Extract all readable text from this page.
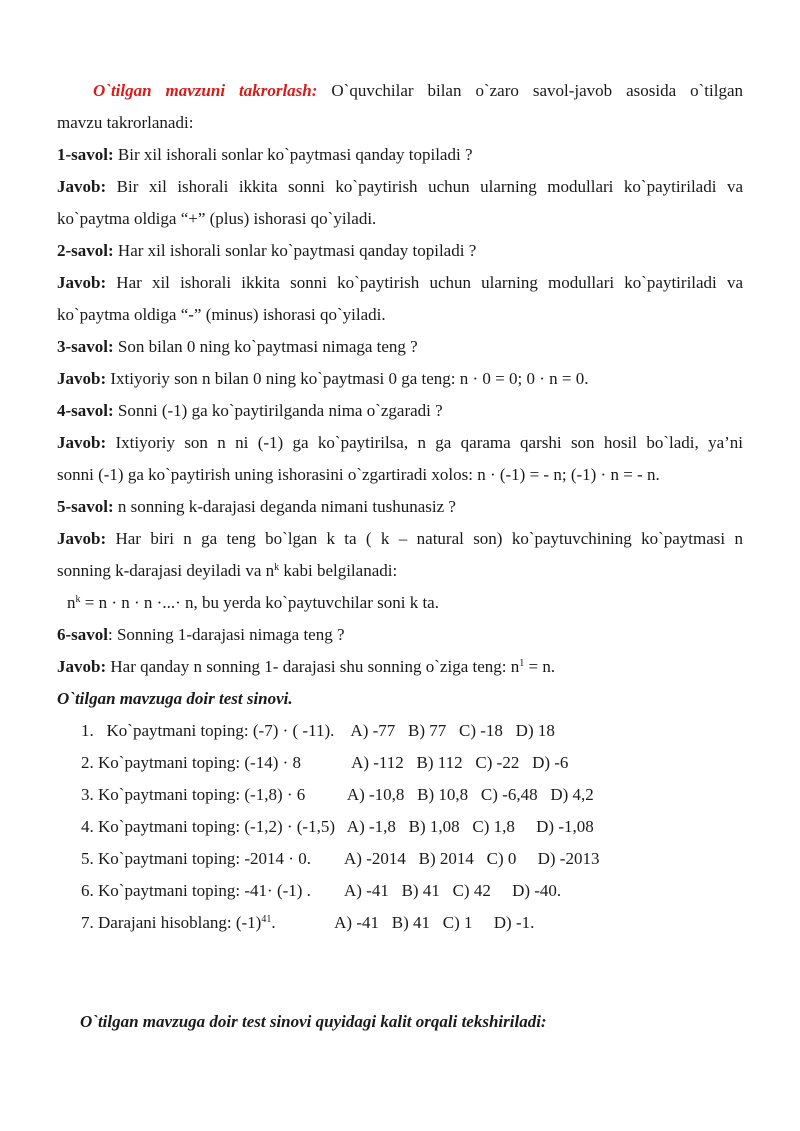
O`tilgan mavzuni takrorlash: O`quvchilar bilan o`zaro savol-javob asosida o`tilgan

mavzu takrorlanadi:

1-savol: Bir xil ishorali sonlar ko`paytmasi qanday topiladi ?

Javob: Bir xil ishorali ikkita sonni ko`paytirish uchun ularning modullari ko`paytiriladi va

ko`paytma oldiga “+” (plus) ishorasi qo`yiladi.

2-savol: Har xil ishorali sonlar ko`paytmasi qanday topiladi ?

Javob: Har xil ishorali ikkita sonni ko`paytirish uchun ularning modullari ko`paytiriladi va

ko`paytma oldiga “-” (minus) ishorasi qo`yiladi.

3-savol: Son bilan 0 ning ko`paytmasi nimaga teng ?

Javob: Ixtiyoriy son n bilan 0 ning ko`paytmasi 0 ga teng: n · 0 = 0; 0 · n = 0.

4-savol: Sonni (-1) ga ko`paytirilganda nima o`zgaradi ?

Javob: Ixtiyoriy son n ni (-1) ga ko`paytirilsa, n ga qarama qarshi son hosil bo`ladi, ya’ni

sonni (-1) ga ko`paytirish uning ishorasini o`zgartiradi xolos: n · (-1) = - n; (-1) · n = - n.

5-savol: n sonning k-darajasi deganda nimani tushunasiz ?

Javob: Har biri n ga teng bo`lgan k ta ( k – natural son) ko`paytuvchining ko`paytmasi n

sonning k-darajasi deyiladi va $n^k$ kabi belgilanadi:

$n^k = n \cdot n \cdot n$ ·...· n, bu yerda ko`paytuvchilar soni k ta.

6-savol: Sonning 1-darajasi nimaga teng ?

Javob: Har qanday n sonning 1- darajasi shu sonning o`ziga teng: $n^1 = n$.

O`tilgan mavzuga doir test sinovi.

1.   Ko`paytmani toping: (-7) · ( -11).    A) -77   B) 77   C) -18   D) 18

2. Ko`paytmani toping: (-14) · 8            A) -112   B) 112   C) -22   D) -6

3. Ko`paytmani toping: (-1,8) · 6          A) -10,8   B) 10,8   C) -6,48   D) 4,2

4. Ko`paytmani toping: (-1,2) · (-1,5)   A) -1,8   B) 1,08   C) 1,8     D) -1,08

5. Ko`paytmani toping: -2014 · 0.        A) -2014   B) 2014   C) 0     D) -2013

6. Ko`paytmani toping: -41· (-1) .        A) -41   B) 41   C) 42     D) -40.

7. Darajani hisoblang: $(-1)^{41}$.              A) -41   B) 41   C) 1     D) -1.

O`tilgan mavzuga doir test sinovi quyidagi kalit orqali tekshiriladi:
